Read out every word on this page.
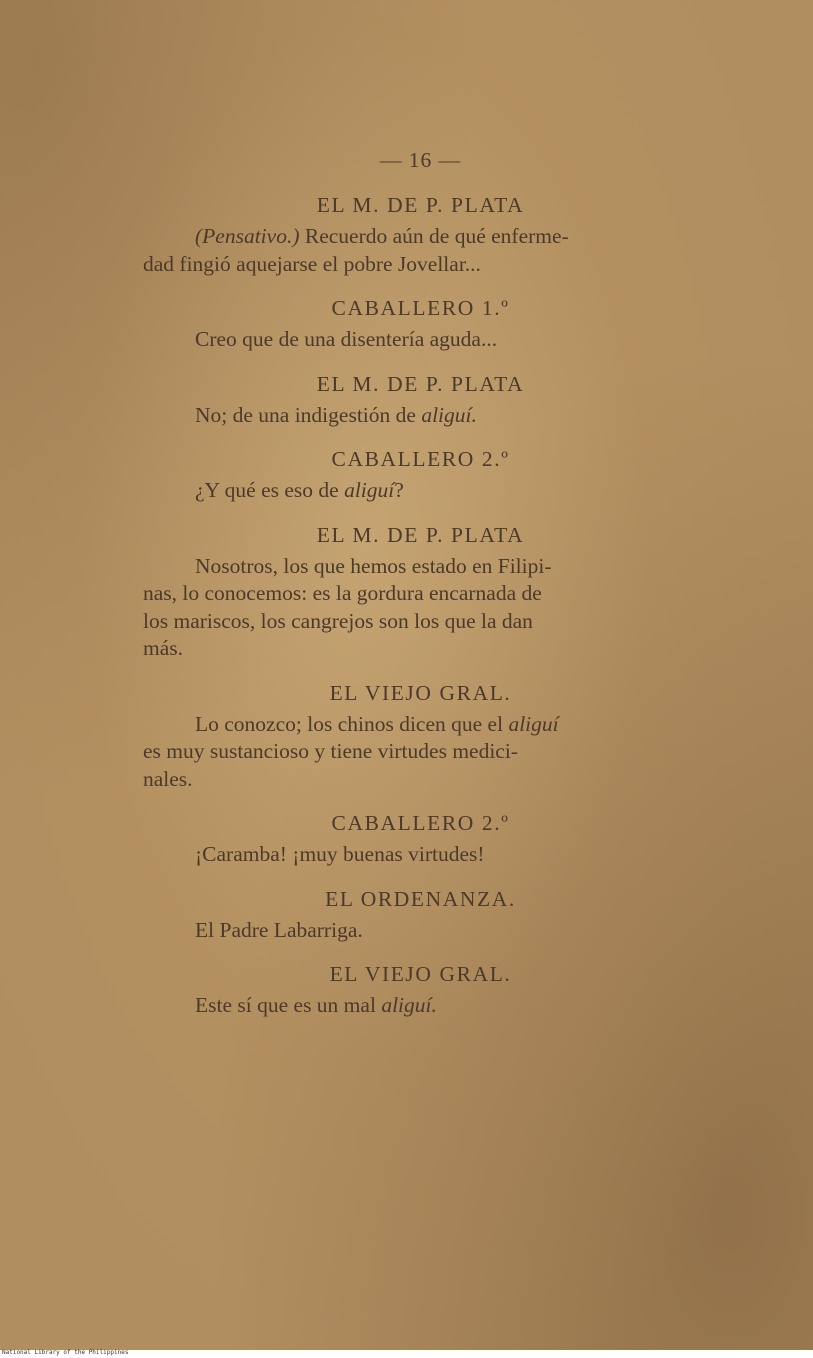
— 16 —
EL M. DE P. PLATA
(Pensativo.) Recuerdo aún de qué enferme-
dad fingió aquejarse el pobre Jovellar...
CABALLERO 1.º
Creo que de una disentería aguda...
EL M. DE P. PLATA
No; de una indigestión de aliguí.
CABALLERO 2.º
¿Y qué es eso de aliguí?
EL M. DE P. PLATA
Nosotros, los que hemos estado en Filipi-
nas, lo conocemos: es la gordura encarnada de
los mariscos, los cangrejos son los que la dan
más.
EL VIEJO GRAL.
Lo conozco; los chinos dicen que el aliguí
es muy sustancioso y tiene virtudes medici-
nales.
CABALLERO 2.º
¡Caramba! ¡muy buenas virtudes!
EL ORDENANZA.
El Padre Labarriga.
EL VIEJO GRAL.
Este sí que es un mal aliguí.
National Library of the Philippines
